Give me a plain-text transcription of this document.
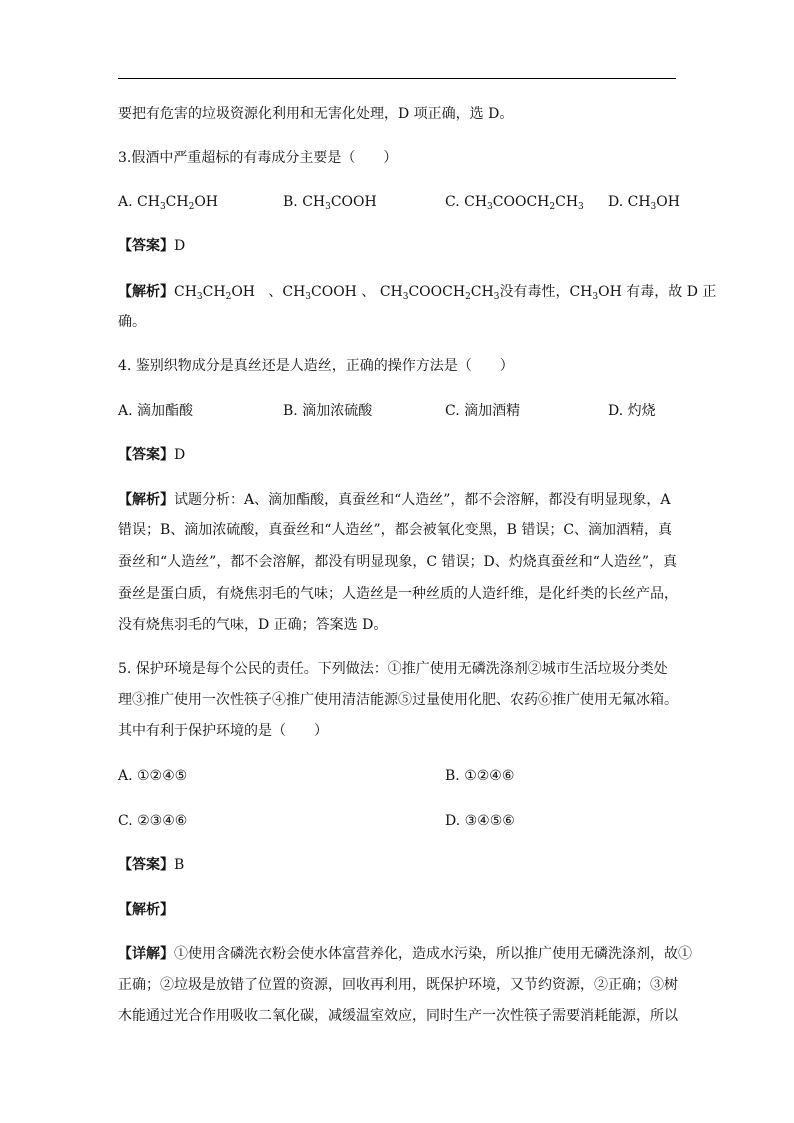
要把有危害的垃圾资源化利用和无害化处理，D 项正确，选 D。
3.假酒中严重超标的有毒成分主要是（　　）
A. $CH_3CH_2OH$	B. $CH_3COOH$	C. $CH_3COOCH_2CH_3$ D. $CH_3OH$
【答案】D
【解析】$CH_3CH_2OH$ 、$CH_3COOH$ 、 $CH_3COOCH_2CH_3$没有毒性，$CH_3OH$ 有毒，故 D 正
确。
4. 鉴别织物成分是真丝还是人造丝，正确的操作方法是（　　）
A. 滴加酯酸	B. 滴加浓硫酸	C. 滴加酒精	D. 灼烧
【答案】D
【解析】试题分析：A、滴加酯酸，真蚕丝和“人造丝”，都不会溶解，都没有明显现象，A
错误；B、滴加浓硫酸，真蚕丝和“人造丝”，都会被氧化变黑，B 错误；C、滴加酒精，真
蚕丝和“人造丝”，都不会溶解，都没有明显现象，C 错误；D、灼烧真蚕丝和“人造丝”，真
蚕丝是蛋白质，有烧焦羽毛的气味；人造丝是一种丝质的人造纤维，是化纤类的长丝产品，
没有烧焦羽毛的气味，D 正确；答案选 D。
5. 保护环境是每个公民的责任。下列做法：①推广使用无磷洗涤剂②城市生活垃圾分类处
理③推广使用一次性筷子④推广使用清洁能源⑤过量使用化肥、农药⑥推广使用无氟冰箱。
其中有利于保护环境的是（　　）
A. ①②④⑤	B. ①②④⑥
C. ②③④⑥	D. ③④⑤⑥
【答案】B
【解析】
【详解】①使用含磷洗衣粉会使水体富营养化，造成水污染，所以推广使用无磷洗涤剂，故①
正确；②垃圾是放错了位置的资源，回收再利用，既保护环境，又节约资源，②正确；③树
木能通过光合作用吸收二氧化碳，减缓温室效应，同时生产一次性筷子需要消耗能源，所以
